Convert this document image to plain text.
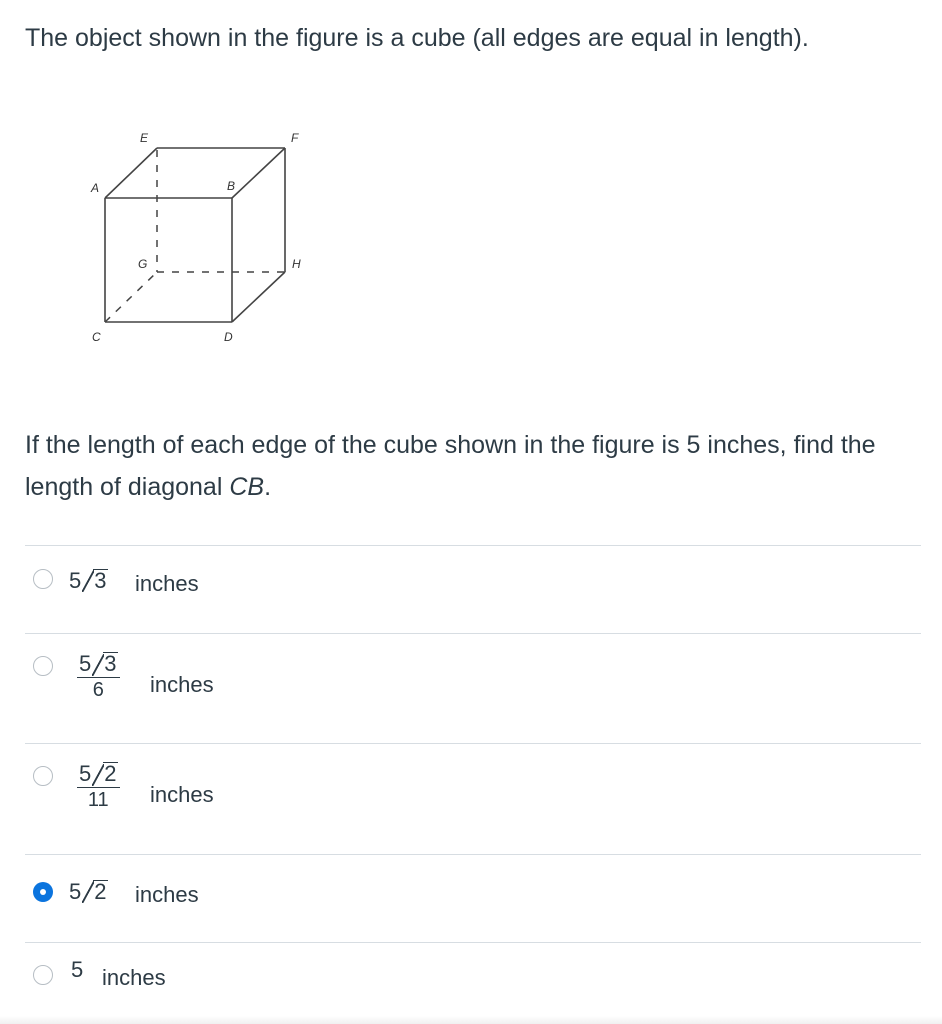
The object shown in the figure is a cube (all edges are equal in length).

E	F
A	B
G	H
C	D

If the length of each edge of the cube shown in the figure is 5 inches, find the length of diagonal CB.

5 3 inches
$\frac{5 3}{6}$ inches
$\frac{5 2}{11}$ inches
5 2 inches
5 inches
